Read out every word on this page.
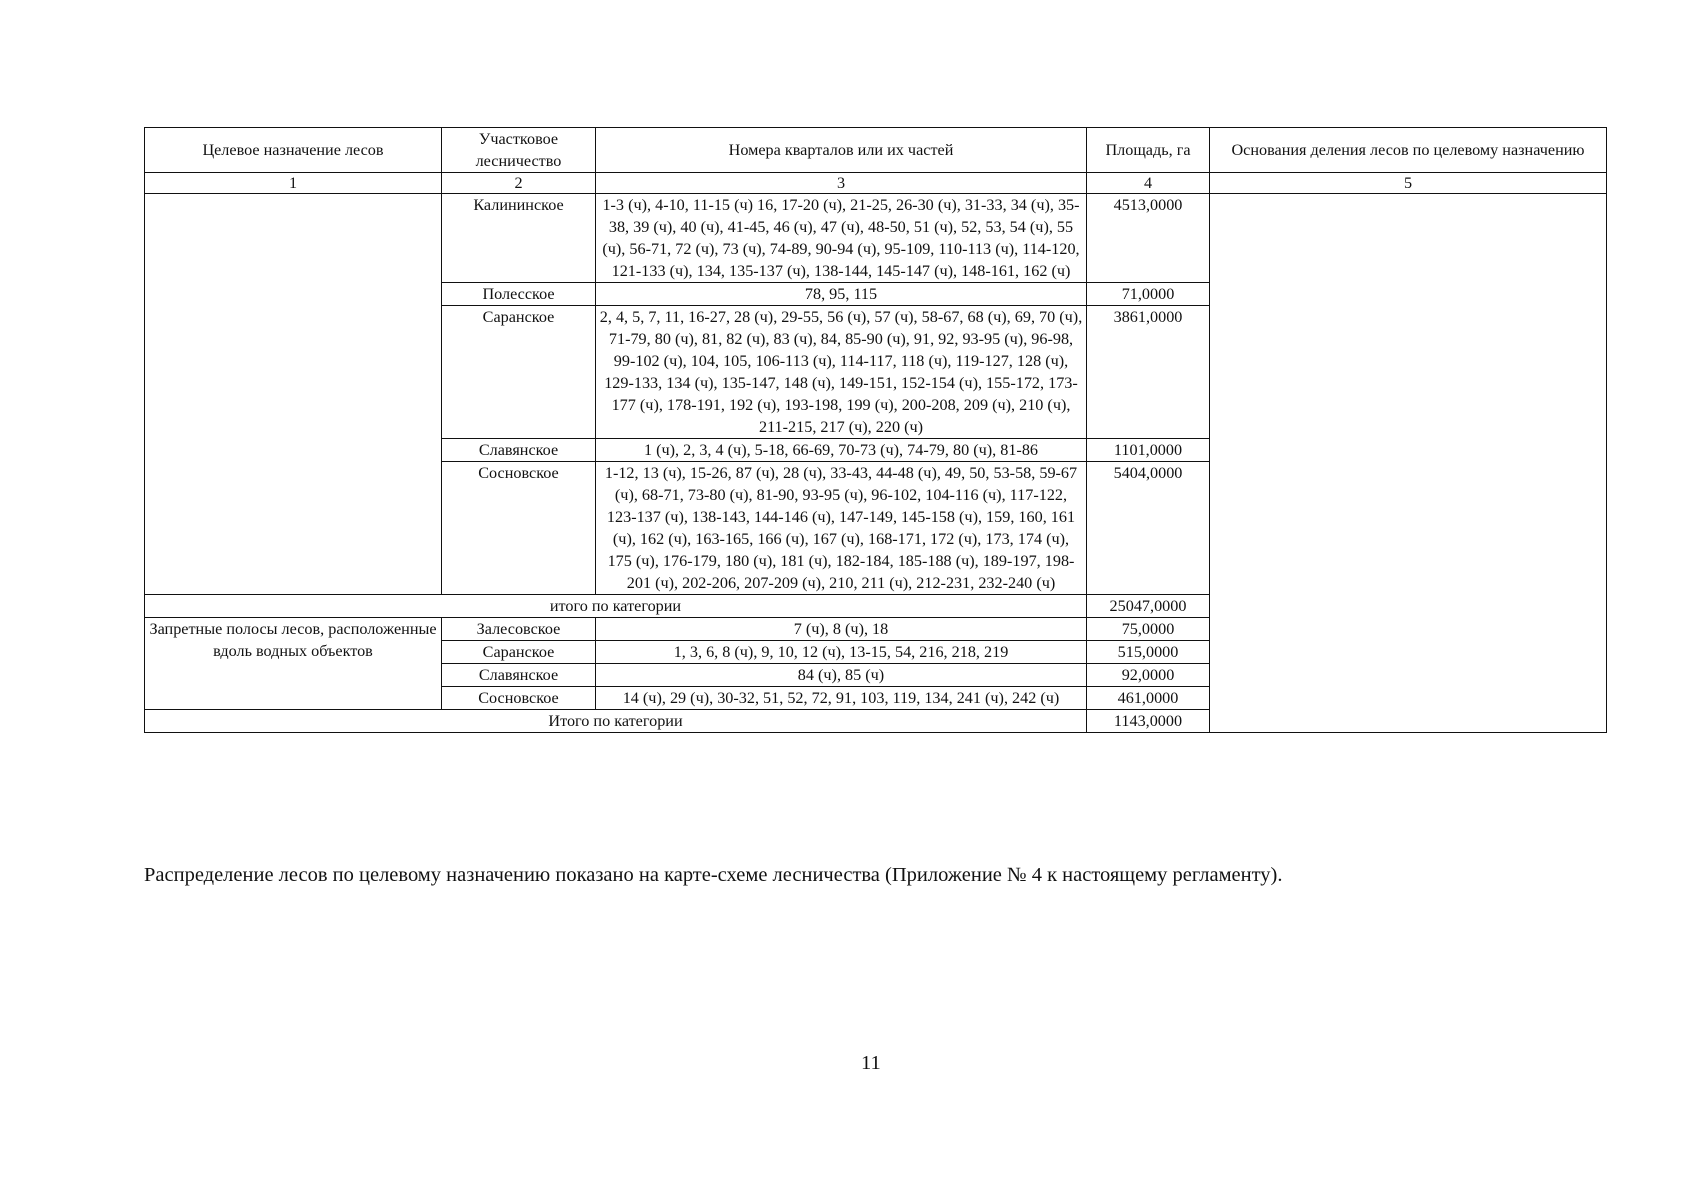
Целевое назначение лесов	Участковое лесничество	Номера кварталов или их частей	Площадь, га	Основания деления лесов по целевому назначению
1	2	3	4	5
	Калининское	1-3 (ч), 4-10, 11-15 (ч) 16, 17-20 (ч), 21-25, 26-30 (ч), 31-33, 34 (ч), 35-38, 39 (ч), 40 (ч), 41-45, 46 (ч), 47 (ч), 48-50, 51 (ч), 52, 53, 54 (ч), 55 (ч), 56-71, 72 (ч), 73 (ч), 74-89, 90-94 (ч), 95-109, 110-113 (ч), 114-120, 121-133 (ч), 134, 135-137 (ч), 138-144, 145-147 (ч), 148-161, 162 (ч)	4513,0000	
	Полесское	78, 95, 115	71,0000	
	Саранское	2, 4, 5, 7, 11, 16-27, 28 (ч), 29-55, 56 (ч), 57 (ч), 58-67, 68 (ч), 69, 70 (ч), 71-79, 80 (ч), 81, 82 (ч), 83 (ч), 84, 85-90 (ч), 91, 92, 93-95 (ч), 96-98, 99-102 (ч), 104, 105, 106-113 (ч), 114-117, 118 (ч), 119-127, 128 (ч), 129-133, 134 (ч), 135-147, 148 (ч), 149-151, 152-154 (ч), 155-172, 173-177 (ч), 178-191, 192 (ч), 193-198, 199 (ч), 200-208, 209 (ч), 210 (ч), 211-215, 217 (ч), 220 (ч)	3861,0000	
	Славянское	1 (ч), 2, 3, 4 (ч), 5-18, 66-69, 70-73 (ч), 74-79, 80 (ч), 81-86	1101,0000	
	Сосновское	1-12, 13 (ч), 15-26, 87 (ч), 28 (ч), 33-43, 44-48 (ч), 49, 50, 53-58, 59-67 (ч), 68-71, 73-80 (ч), 81-90, 93-95 (ч), 96-102, 104-116 (ч), 117-122, 123-137 (ч), 138-143, 144-146 (ч), 147-149, 145-158 (ч), 159, 160, 161 (ч), 162 (ч), 163-165, 166 (ч), 167 (ч), 168-171, 172 (ч), 173, 174 (ч), 175 (ч), 176-179, 180 (ч), 181 (ч), 182-184, 185-188 (ч), 189-197, 198-201 (ч), 202-206, 207-209 (ч), 210, 211 (ч), 212-231, 232-240 (ч)	5404,0000	
итого по категории			25047,0000	
Запретные полосы лесов, расположенные вдоль водных объектов	Залесовское	7 (ч), 8 (ч), 18	75,0000	
	Саранское	1, 3, 6, 8 (ч), 9, 10, 12 (ч), 13-15, 54, 216, 218, 219	515,0000	
	Славянское	84 (ч), 85 (ч)	92,0000	
	Сосновское	14 (ч), 29 (ч), 30-32, 51, 52, 72, 91, 103, 119, 134, 241 (ч), 242 (ч)	461,0000	
Итого по категории			1143,0000	
Распределение лесов по целевому назначению показано на карте-схеме лесничества (Приложение № 4 к настоящему регламенту).
11
